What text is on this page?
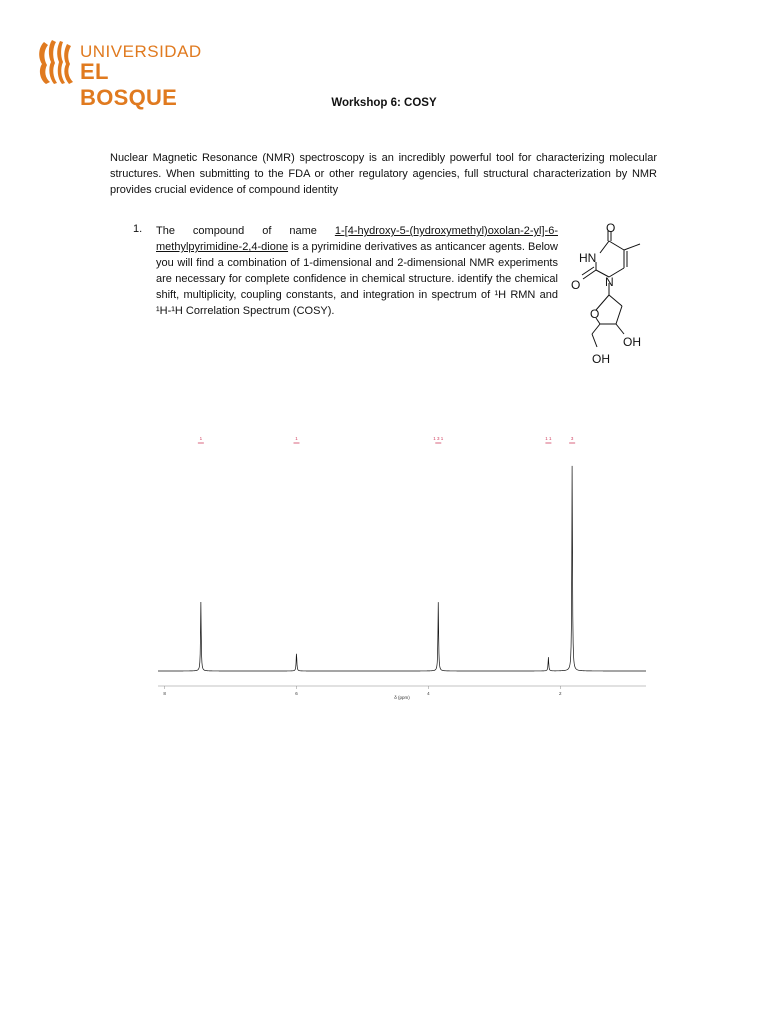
UNIVERSIDAD
EL BOSQUE	Workshop 6: COSY
Nuclear Magnetic Resonance (NMR) spectroscopy is an incredibly powerful tool for characterizing molecular structures. When submitting to the FDA or other regulatory agencies, full structural characterization by NMR provides crucial evidence of compound identity
1. The compound of name 1-[4-hydroxy-5-(hydroxymethyl)oxolan-2-yl]-6-methylpyrimidine-2,4-dione is a pyrimidine derivatives as anticancer agents. Below you will find a combination of 1-dimensional and 2-dimensional NMR experiments are necessary for complete confidence in chemical structure. identify the chemical shift, multiplicity, coupling constants, and integration in spectrum of ¹H RMN and ¹H-¹H Correlation Spectrum (COSY).
O
HN
O N
O
OH
OH
δ (ppm)
8	6	4	2
1	1	1 3 1	1 1	3
